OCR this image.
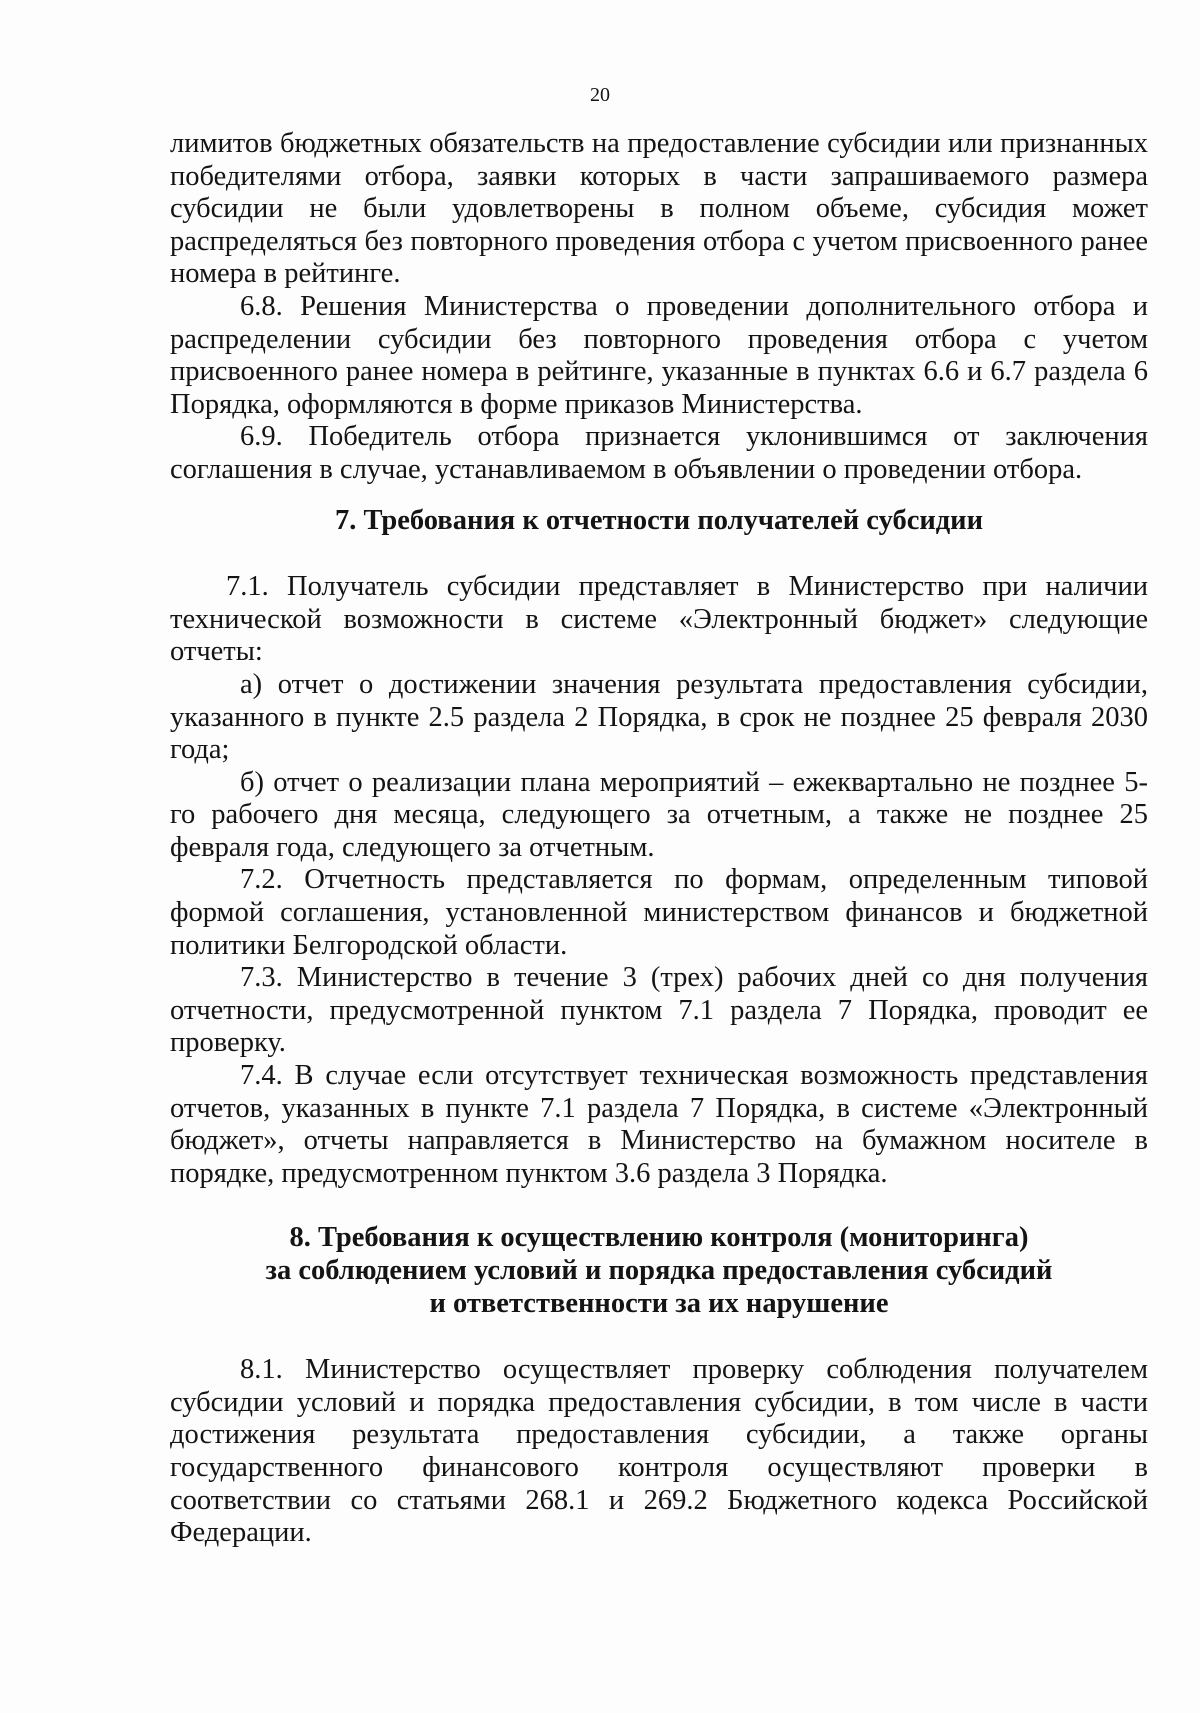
20

лимитов бюджетных обязательств на предоставление субсидии или признанных победителями отбора, заявки которых в части запрашиваемого размера субсидии не были удовлетворены в полном объеме, субсидия может распределяться без повторного проведения отбора с учетом присвоенного ранее номера в рейтинге.

6.8. Решения Министерства о проведении дополнительного отбора и распределении субсидии без повторного проведения отбора с учетом присвоенного ранее номера в рейтинге, указанные в пунктах 6.6 и 6.7 раздела 6 Порядка, оформляются в форме приказов Министерства.

6.9. Победитель отбора признается уклонившимся от заключения соглашения в случае, устанавливаемом в объявлении о проведении отбора.

7. Требования к отчетности получателей субсидии

7.1. Получатель субсидии представляет в Министерство при наличии технической возможности в системе «Электронный бюджет» следующие отчеты:

а) отчет о достижении значения результата предоставления субсидии, указанного в пункте 2.5 раздела 2 Порядка, в срок не позднее 25 февраля 2030 года;

б) отчет о реализации плана мероприятий – ежеквартально не позднее 5-го рабочего дня месяца, следующего за отчетным, а также не позднее 25 февраля года, следующего за отчетным.

7.2. Отчетность представляется по формам, определенным типовой формой соглашения, установленной министерством финансов и бюджетной политики Белгородской области.

7.3. Министерство в течение 3 (трех) рабочих дней со дня получения отчетности, предусмотренной пунктом 7.1 раздела 7 Порядка, проводит ее проверку.

7.4. В случае если отсутствует техническая возможность представления отчетов, указанных в пункте 7.1 раздела 7 Порядка, в системе «Электронный бюджет», отчеты направляется в Министерство на бумажном носителе в порядке, предусмотренном пунктом 3.6 раздела 3 Порядка.

8. Требования к осуществлению контроля (мониторинга)
за соблюдением условий и порядка предоставления субсидий
и ответственности за их нарушение

8.1. Министерство осуществляет проверку соблюдения получателем субсидии условий и порядка предоставления субсидии, в том числе в части достижения результата предоставления субсидии, а также органы государственного финансового контроля осуществляют проверки в соответствии со статьями 268.1 и 269.2 Бюджетного кодекса Российской Федерации.
